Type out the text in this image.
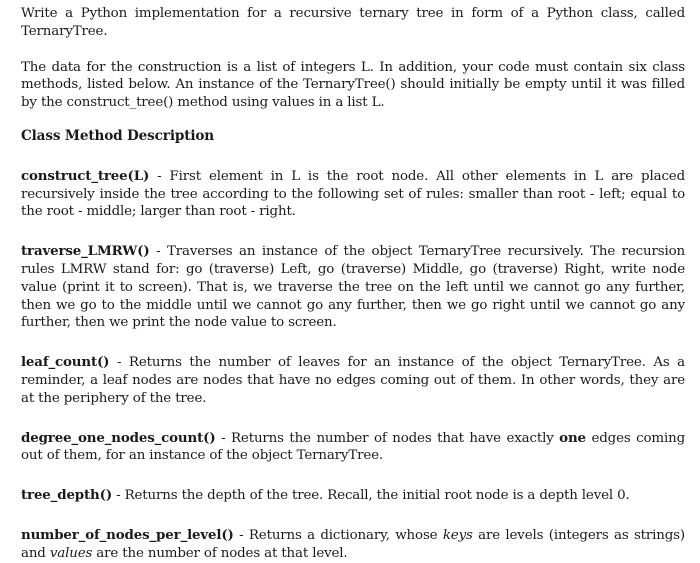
Write a Python implementation for a recursive ternary tree in form of a Python class, called TernaryTree.

The data for the construction is a list of integers L. In addition, your code must contain six class methods, listed below. An instance of the TernaryTree() should initially be empty until it was filled by the construct_tree() method using values in a list L.

Class Method Description

construct_tree(L) - First element in L is the root node. All other elements in L are placed recursively inside the tree according to the following set of rules: smaller than root - left; equal to the root - middle; larger than root - right.

traverse_LMRW() - Traverses an instance of the object TernaryTree recursively. The recursion rules LMRW stand for: go (traverse) Left, go (traverse) Middle, go (traverse) Right, write node value (print it to screen). That is, we traverse the tree on the left until we cannot go any further, then we go to the middle until we cannot go any further, then we go right until we cannot go any further, then we print the node value to screen.

leaf_count() - Returns the number of leaves for an instance of the object TernaryTree. As a reminder, a leaf nodes are nodes that have no edges coming out of them. In other words, they are at the periphery of the tree.

degree_one_nodes_count() - Returns the number of nodes that have exactly one edges coming out of them, for an instance of the object TernaryTree.

tree_depth() - Returns the depth of the tree. Recall, the initial root node is a depth level 0.

number_of_nodes_per_level() - Returns a dictionary, whose keys are levels (integers as strings) and values are the number of nodes at that level.
